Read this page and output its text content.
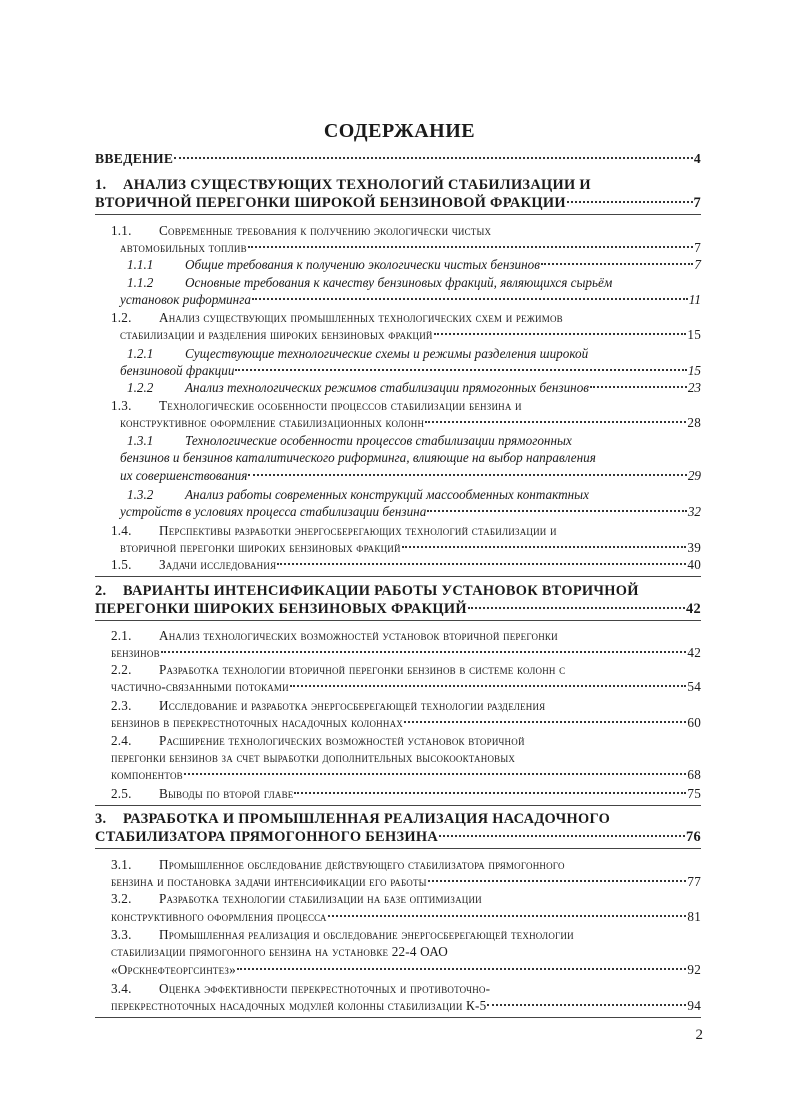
СОДЕРЖАНИЕ
ВВЕДЕНИЕ	4
1. АНАЛИЗ СУЩЕСТВУЮЩИХ ТЕХНОЛОГИЙ СТАБИЛИЗАЦИИ И
ВТОРИЧНОЙ ПЕРЕГОНКИ ШИРОКОЙ БЕНЗИНОВОЙ ФРАКЦИИ	7
1.1. Современные требования к получению экологически чистых
автомобильных топлив	7
1.1.1	Общие требования к получению экологически чистых бензинов	7
1.1.2 Основные требования к качеству бензиновых фракций, являющихся сырьём
установок риформинга	11
1.2. Анализ существующих промышленных технологических схем и режимов
стабилизации и разделения широких бензиновых фракций	15
1.2.1 Существующие технологические схемы и режимы разделения широкой
бензиновой фракции	15
1.2.2	Анализ технологических режимов стабилизации прямогонных бензинов	23
1.3. Технологические особенности процессов стабилизации бензина и
конструктивное оформление стабилизационных колонн	28
1.3.1 Технологические особенности процессов стабилизации прямогонных
бензинов и бензинов каталитического риформинга, влияющие на выбор направления
их совершенствования	29
1.3.2 Анализ работы современных конструкций массообменных контактных
устройств в условиях процесса стабилизации бензина	32
1.4. Перспективы разработки энергосберегающих технологий стабилизации и
вторичной перегонки широких бензиновых фракций	39
1.5.	Задачи исследования	40
2. ВАРИАНТЫ ИНТЕНСИФИКАЦИИ РАБОТЫ УСТАНОВОК ВТОРИЧНОЙ
ПЕРЕГОНКИ ШИРОКИХ БЕНЗИНОВЫХ ФРАКЦИЙ	42
2.1. Анализ технологических возможностей установок вторичной перегонки
бензинов	42
2.2. Разработка технологии вторичной перегонки бензинов в системе колонн с
частично-связанными потоками	54
2.3. Исследование и разработка энергосберегающей технологии разделения
бензинов в перекрестноточных насадочных колоннах	60
2.4. Расширение технологических возможностей установок вторичной
перегонки бензинов за счет выработки дополнительных высокооктановых
компонентов	68
2.5.	Выводы по второй главе	75
3. РАЗРАБОТКА И ПРОМЫШЛЕННАЯ РЕАЛИЗАЦИЯ НАСАДОЧНОГО
СТАБИЛИЗАТОРА ПРЯМОГОННОГО БЕНЗИНА	76
3.1. Промышленное обследование действующего стабилизатора прямогонного
бензина и постановка задачи интенсификации его работы	77
3.2. Разработка технологии стабилизации на базе оптимизации
конструктивного оформления процесса	81
3.3. Промышленная реализация и обследование энергосберегающей технологии
стабилизации прямогонного бензина на установке 22-4 ОАО
«Орскнефтеоргсинтез»	92
3.4. Оценка эффективности перекрестноточных и противоточно-
перекрестноточных насадочных модулей колонны стабилизации К-5	94
2
